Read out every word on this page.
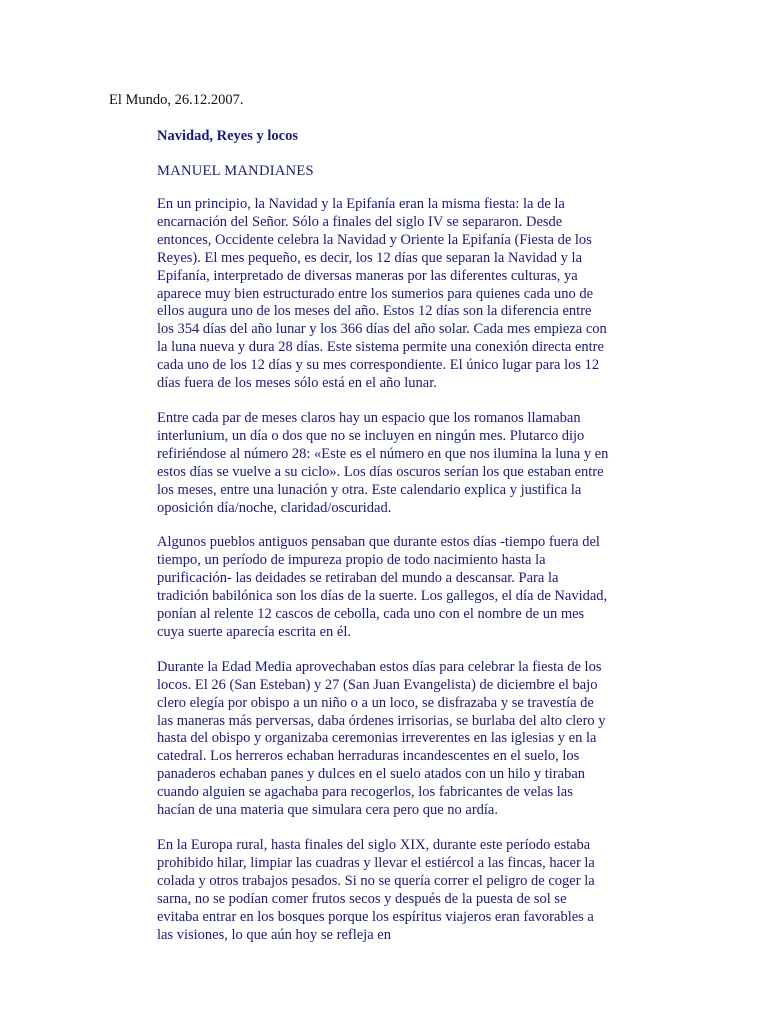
El Mundo, 26.12.2007.

Navidad, Reyes y locos

MANUEL MANDIANES

En un principio, la Navidad y la Epifanía eran la misma fiesta: la de la encarnación del Señor. Sólo a finales del siglo IV se separaron. Desde entonces, Occidente celebra la Navidad y Oriente la Epifanía (Fiesta de los Reyes). El mes pequeño, es decir, los 12 días que separan la Navidad y la Epifanía, interpretado de diversas maneras por las diferentes culturas, ya aparece muy bien estructurado entre los sumerios para quienes cada uno de ellos augura uno de los meses del año. Estos 12 días son la diferencia entre los 354 días del año lunar y los 366 días del año solar. Cada mes empieza con la luna nueva y dura 28 días. Este sistema permite una conexión directa entre cada uno de los 12 días y su mes correspondiente. El único lugar para los 12 días fuera de los meses sólo está en el año lunar.

Entre cada par de meses claros hay un espacio que los romanos llamaban interlunium, un día o dos que no se incluyen en ningún mes. Plutarco dijo refiriéndose al número 28: «Este es el número en que nos ilumina la luna y en estos días se vuelve a su ciclo». Los días oscuros serían los que estaban entre los meses, entre una lunación y otra. Este calendario explica y justifica la oposición día/noche, claridad/oscuridad.

Algunos pueblos antiguos pensaban que durante estos días -tiempo fuera del tiempo, un período de impureza propio de todo nacimiento hasta la purificación- las deidades se retiraban del mundo a descansar. Para la tradición babilónica son los días de la suerte. Los gallegos, el día de Navidad, ponían al relente 12 cascos de cebolla, cada uno con el nombre de un mes cuya suerte aparecía escrita en él.

Durante la Edad Media aprovechaban estos días para celebrar la fiesta de los locos. El 26 (San Esteban) y 27 (San Juan Evangelista) de diciembre el bajo clero elegía por obispo a un niño o a un loco, se disfrazaba y se travestía de las maneras más perversas, daba órdenes irrisorias, se burlaba del alto clero y hasta del obispo y organizaba ceremonias irreverentes en las iglesias y en la catedral. Los herreros echaban herraduras incandescentes en el suelo, los panaderos echaban panes y dulces en el suelo atados con un hilo y tiraban cuando alguien se agachaba para recogerlos, los fabricantes de velas las hacían de una materia que simulara cera pero que no ardía.

En la Europa rural, hasta finales del siglo XIX, durante este período estaba prohibido hilar, limpiar las cuadras y llevar el estiércol a las fincas, hacer la colada y otros trabajos pesados. Si no se quería correr el peligro de coger la sarna, no se podían comer frutos secos y después de la puesta de sol se evitaba entrar en los bosques porque los espíritus viajeros eran favorables a las visiones, lo que aún hoy se refleja en
